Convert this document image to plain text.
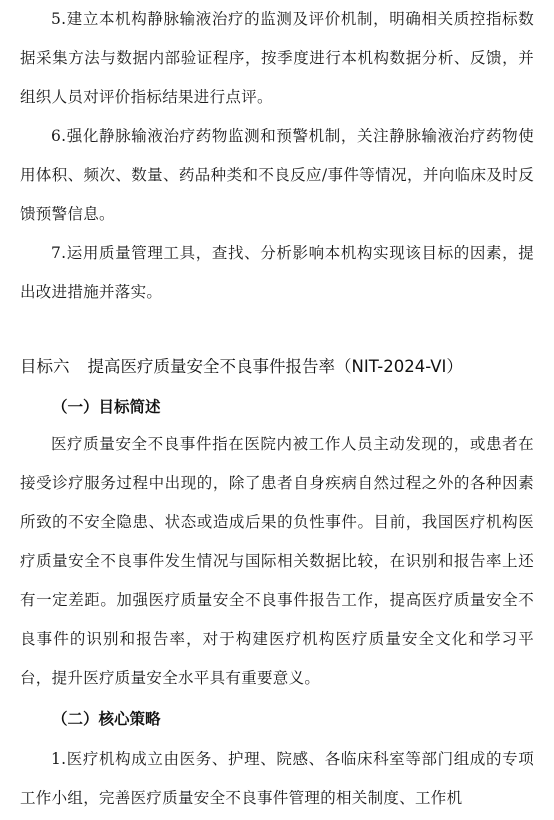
5.建立本机构静脉输液治疗的监测及评价机制，明确相关质控指标数据采集方法与数据内部验证程序，按季度进行本机构数据分析、反馈，并组织人员对评价指标结果进行点评。

6.强化静脉输液治疗药物监测和预警机制，关注静脉输液治疗药物使用体积、频次、数量、药品种类和不良反应/事件等情况，并向临床及时反馈预警信息。

7.运用质量管理工具，查找、分析影响本机构实现该目标的因素，提出改进措施并落实。

目标六 提高医疗质量安全不良事件报告率（NIT-2024-VI）
（一）目标简述

医疗质量安全不良事件指在医院内被工作人员主动发现的，或患者在接受诊疗服务过程中出现的，除了患者自身疾病自然过程之外的各种因素所致的不安全隐患、状态或造成后果的负性事件。目前，我国医疗机构医疗质量安全不良事件发生情况与国际相关数据比较，在识别和报告率上还有一定差距。加强医疗质量安全不良事件报告工作，提高医疗质量安全不良事件的识别和报告率，对于构建医疗机构医疗质量安全文化和学习平台，提升医疗质量安全水平具有重要意义。

（二）核心策略

1.医疗机构成立由医务、护理、院感、各临床科室等部门组成的专项工作小组，完善医疗质量安全不良事件管理的相关制度、工作机
